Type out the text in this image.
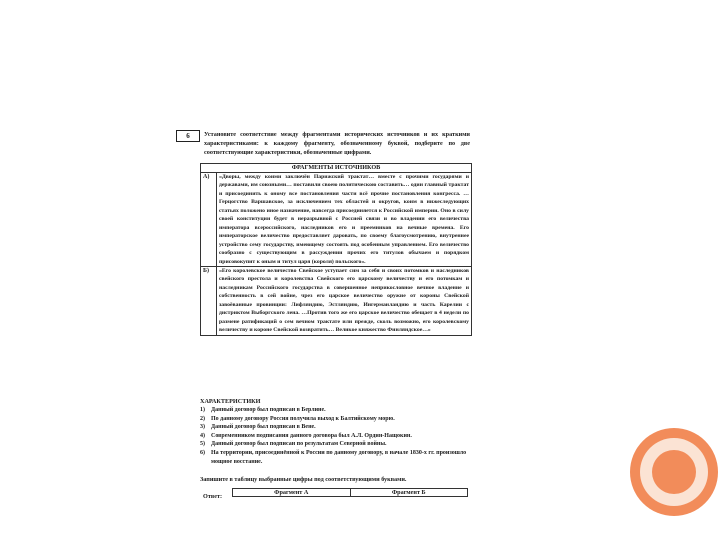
6	Установите соответствие между фрагментами исторических источников и их краткими характеристиками: к каждому фрагменту, обозначенному буквой, подберите по две соответствующие характеристики, обозначенные цифрами.
ФРАГМЕНТЫ ИСТОЧНИКОВ
А)	«Дворы, между коими заключён Парижский трактат… вместе с прочими государями и державами, им союзными… поставили своею политическою составить… один главный трактат и присоединить к оному все постановления части всё прочие постановления конгресса. …Герцогство Варшавское, за исключением тех областей и округов, коим в нижеследующих статьях положено иное назначение, навсегда присоединяется к Российской империи. Оно в силу своей конституции будет в неразрывной с Россией связи и во владении его величества императора всероссийского, наследников его и преемников на вечные времена. Его императорское величество предоставляет даровать, по своему благоусмотрению, внутреннее устройство сему государству, имеющему состоять под особенным управлением. Его величество сообразно с существующим в рассуждении прочих его титулов обычаем и порядком присовокупит к оным и титул царя (короля) польского».
Б)	«Его королевское величество Свейское уступает сим за себя и своих потомков и наследников свейского престола и королевства Свейского его царскому величеству и его потомкам и наследникам Российского государства в совершенное неприкословное вечное владение и собственность в сей войне, чрез его царское величество оружие от короны Свейской завоёванные провинции: Лифляндию, Эстляндию, Ингерманландию и часть Карелии с дистриктом Выборгского лена. …Против того же его царское величество обещает в 4 недели по размене ратификаций о сем вечном трактате или прежде, сколь возможно, его королевскому величеству и короне Свейской возвратить… Великое княжество Финляндское…»
ХАРАКТЕРИСТИКИ
1)	Данный договор был подписан в Берлине.
2)	По данному договору Россия получила выход к Балтийскому морю.
3)	Данный договор был подписан в Вене.
4)	Современником подписания данного договора был А.Л. Ордин-Нащокин.
5)	Данный договор был подписан по результатам Северной войны.
6)	На территории, присоединённой к России по данному договору, в начале 1830-х гг. произошло мощное восстание.
Запишите в таблицу выбранные цифры под соответствующими буквами.
Ответ:
Фрагмент А	Фрагмент Б
